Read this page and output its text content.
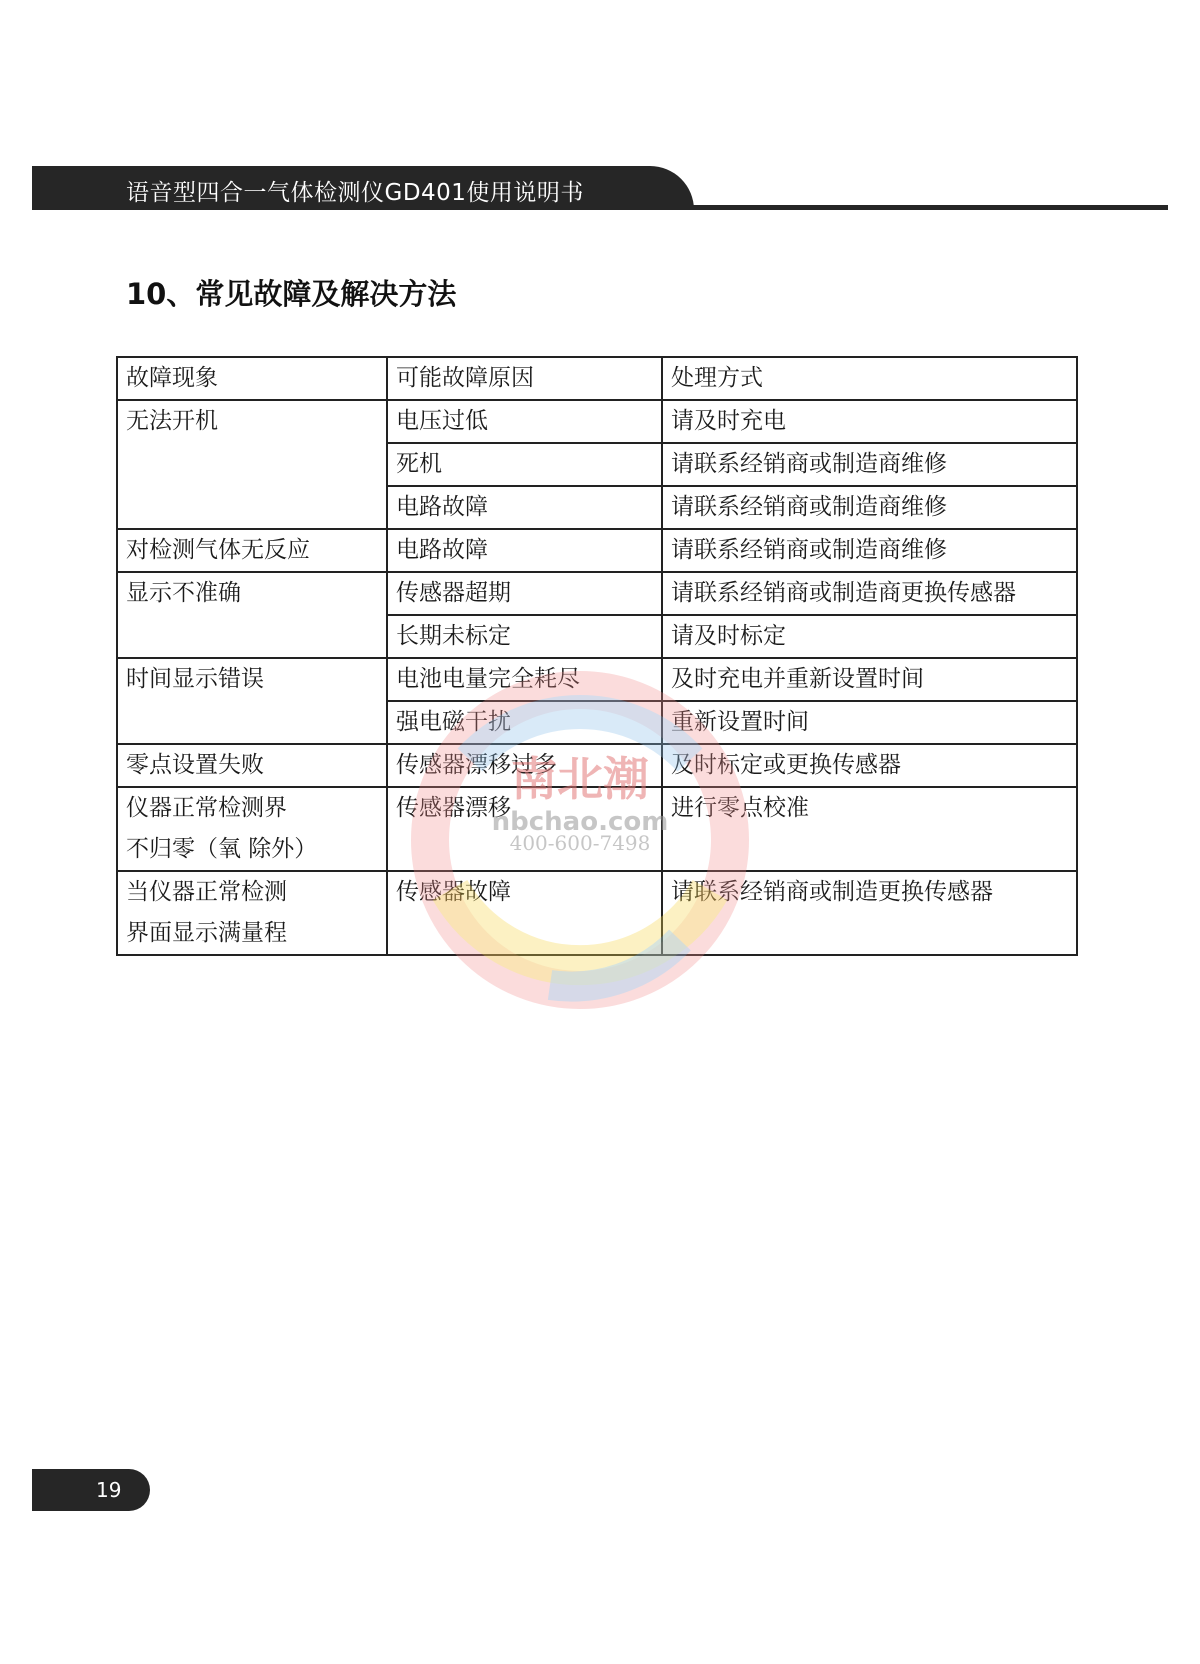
语音型四合一气体检测仪GD401使用说明书
10、常见故障及解决方法
故障现象	可能故障原因	处理方式

无法开机	电压过低	请及时充电
	死机	请联系经销商或制造商维修
	电路故障	请联系经销商或制造商维修

对检测气体无反应	电路故障	请联系经销商或制造商维修

显示不准确	传感器超期	请联系经销商或制造商更换传感器
	长期未标定	请及时标定

时间显示错误	电池电量完全耗尽	及时充电并重新设置时间
	强电磁干扰	重新设置时间

零点设置失败	传感器漂移过多	及时标定或更换传感器

仪器正常检测界
不归零（氧 除外）	传感器漂移	进行零点校准

当仪器正常检测
界面显示满量程	传感器故障	请联系经销商或制造更换传感器
南北潮
nbchao.com
400-600-7498
19
